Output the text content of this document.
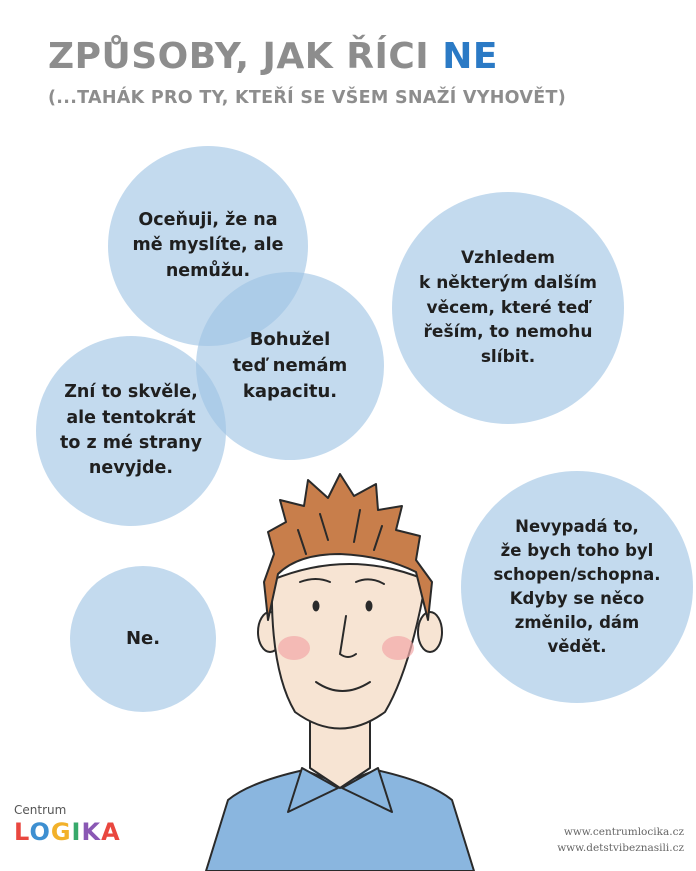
ZPŮSOBY, JAK ŘÍCI NE

(...TAHÁK PRO TY, KTEŘÍ SE VŠEM SNAŽÍ VYHOVĚT)

Oceňuji, že na
mě myslíte, ale
nemůžu.
Bohužel
teď nemám
kapacitu.
Vzhledem
k některým dalším
věcem, které teď
řeším, to nemohu
slíbit.
Zní to skvěle,
ale tentokrát
to z mé strany
nevyjde.
Ne.
Nevypadá to,
že bych toho byl
schopen/schopna.
Kdyby se něco
změnilo, dám
vědět.

Centrum

LOGIKA	www.centrumlocika.cz
www.detstvibeznasili.cz
